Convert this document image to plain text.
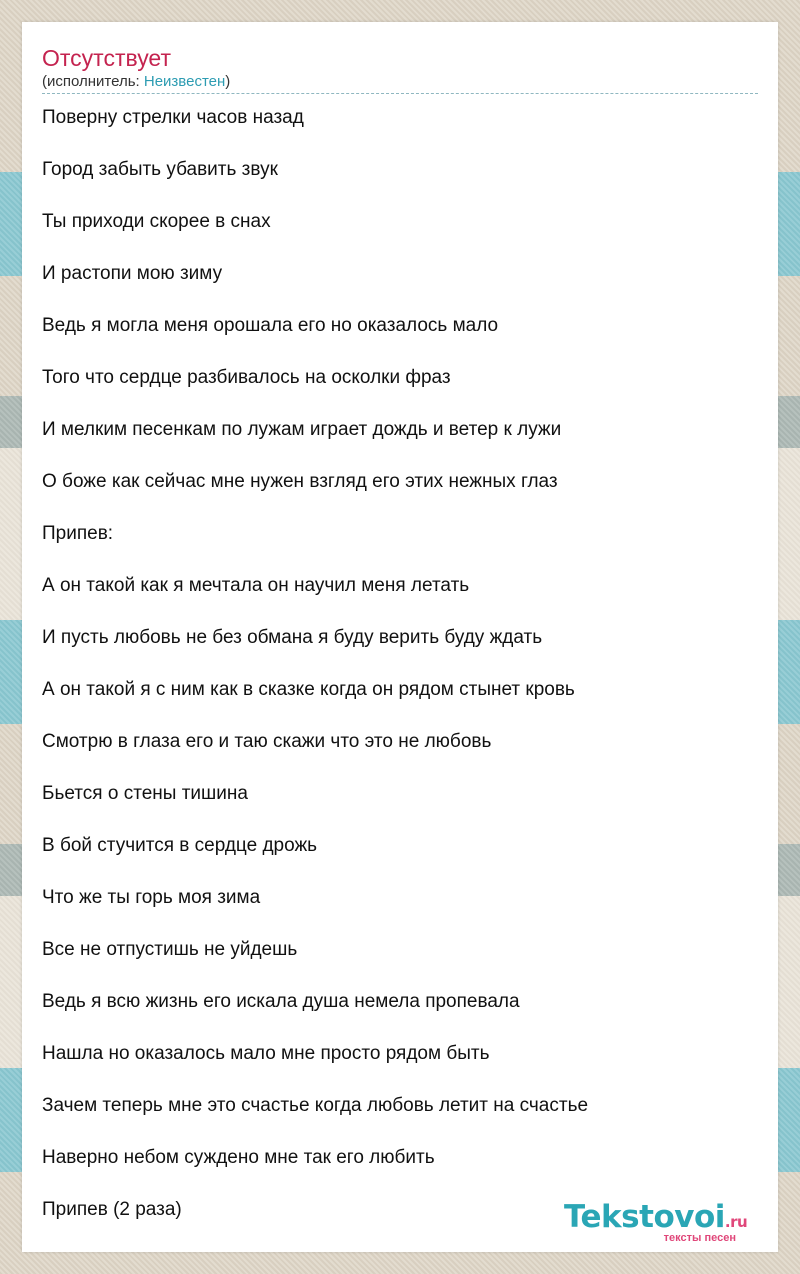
Отсутствует
(исполнитель: Неизвестен)
Поверну стрелки часов назад
Город забыть убавить звук
Ты приходи скорее в снах
И растопи мою зиму
Ведь я могла меня орошала его но оказалось мало
Того что сердце разбивалось на осколки фраз
И мелким песенкам по лужам играет дождь и ветер к лужи
О боже как сейчас мне нужен взгляд его этих нежных глаз
Припев:
А он такой как я мечтала он научил меня летать
И пусть любовь не без обмана я буду верить буду ждать
А он такой я с ним как в сказке когда он рядом стынет кровь
Смотрю в глаза его и таю скажи что это не любовь
Бьется о стены тишина
В бой стучится в сердце дрожь
Что же ты горь моя зима
Все не отпустишь не уйдешь
Ведь я всю жизнь его искала душа немела пропевала
Нашла но оказалось мало мне просто рядом быть
Зачем теперь мне это счастье когда любовь летит на счастье
Наверно небом суждено мне так его любить
Припев (2 раза)	Tekstovoi.ru
тексты песен
